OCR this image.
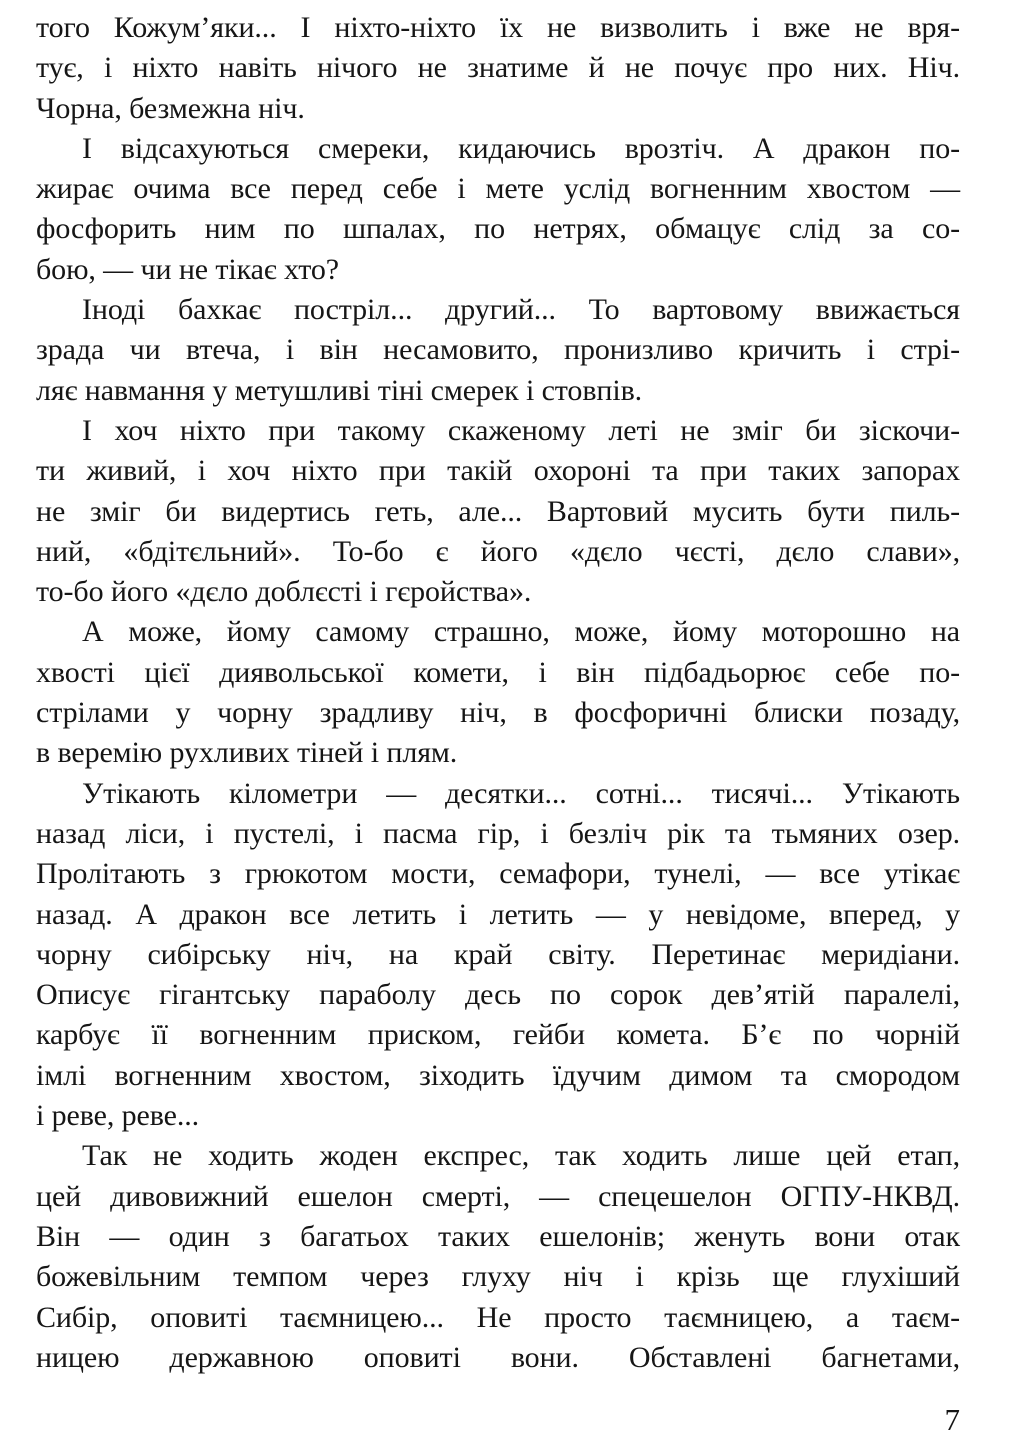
того Кожум’яки... І ніхто-ніхто їх не визволить і вже не вря-
тує, і ніхто навіть нічого не знатиме й не почує про них. Ніч.
Чорна, безмежна ніч.
І відсахуються смереки, кидаючись врозтіч. А дракон по-
жирає очима все перед себе і мете услід вогненним хвостом —
фосфорить ним по шпалах, по нетрях, обмацує слід за со-
бою, — чи не тікає хто?
Іноді бахкає постріл... другий... То вартовому ввижається
зрада чи втеча, і він несамовито, пронизливо кричить і стрі-
ляє навмання у метушливі тіні смерек і стовпів.
І хоч ніхто при такому скаженому леті не зміг би зіскочи-
ти живий, і хоч ніхто при такій охороні та при таких запорах
не зміг би видертись геть, але... Вартовий мусить бути пиль-
ний, «бдітєльний». То-бо є його «дєло чєсті, дєло слави»,
то-бо його «дєло доблєсті і гєройства».
А може, йому самому страшно, може, йому моторошно на
хвості цієї диявольської комети, і він підбадьорює себе по-
стрілами у чорну зрадливу ніч, в фосфоричні блиски позаду,
в веремію рухливих тіней і плям.
Утікають кілометри — десятки... сотні... тисячі... Утікають
назад ліси, і пустелі, і пасма гір, і безліч рік та тьмяних озер.
Пролітають з грюкотом мости, семафори, тунелі, — все утікає
назад. А дракон все летить і летить — у невідоме, вперед, у
чорну сибірську ніч, на край світу. Перетинає меридіани.
Описує гігантську параболу десь по сорок дев’ятій паралелі,
карбує її вогненним приском, гейби комета. Б’є по чорній
імлі вогненним хвостом, зіходить їдучим димом та смородом
і реве, реве...
Так не ходить жоден експрес, так ходить лише цей етап,
цей дивовижний ешелон смерті, — спецешелон ОГПУ-НКВД.
Він — один з багатьох таких ешелонів; женуть вони отак
божевільним темпом через глуху ніч і крізь ще глухіший
Сибір, оповиті таємницею... Не просто таємницею, а таєм-
ницею державною оповиті вони. Обставлені багнетами,
7
